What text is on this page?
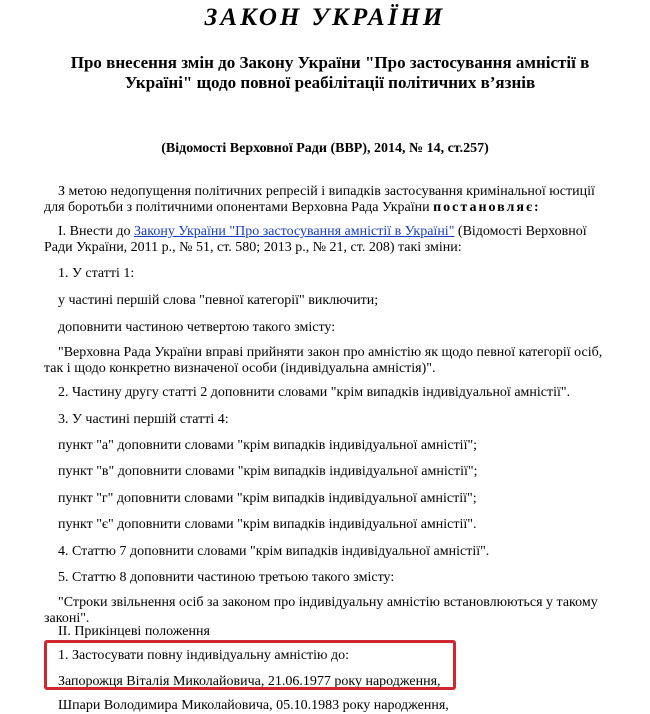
ЗАКОН УКРАЇНИ
Про внесення змін до Закону України "Про застосування амністії в Україні" щодо повної реабілітації політичних в’язнів
(Відомості Верховної Ради (ВВР), 2014, № 14, ст.257)

З метою недопущення політичних репресій і випадків застосування кримінальної юстиції для боротьби з політичними опонентами Верховна Рада України постановляє:

I. Внести до Закону України "Про застосування амністії в Україні" (Відомості Верховної Ради України, 2011 р., № 51, ст. 580; 2013 р., № 21, ст. 208) такі зміни:

1. У статті 1:

у частині першій слова "певної категорії" виключити;

доповнити частиною четвертою такого змісту:

"Верховна Рада України вправі прийняти закон про амністію як щодо певної категорії осіб, так і щодо конкретно визначеної особи (індивідуальна амністія)".

2. Частину другу статті 2 доповнити словами "крім випадків індивідуальної амністії".

3. У частині першій статті 4:

пункт "а" доповнити словами "крім випадків індивідуальної амністії";

пункт "в" доповнити словами "крім випадків індивідуальної амністії";

пункт "г" доповнити словами "крім випадків індивідуальної амністії";

пункт "є" доповнити словами "крім випадків індивідуальної амністії".

4. Статтю 7 доповнити словами "крім випадків індивідуальної амністії".

5. Статтю 8 доповнити частиною третьою такого змісту:

"Строки звільнення осіб за законом про індивідуальну амністію встановлюються у такому законі".

II. Прикінцеві положення

1. Застосувати повну індивідуальну амністію до:

Запорожця Віталія Миколайовича, 21.06.1977 року народження,

Шпари Володимира Миколайовича, 05.10.1983 року народження,
